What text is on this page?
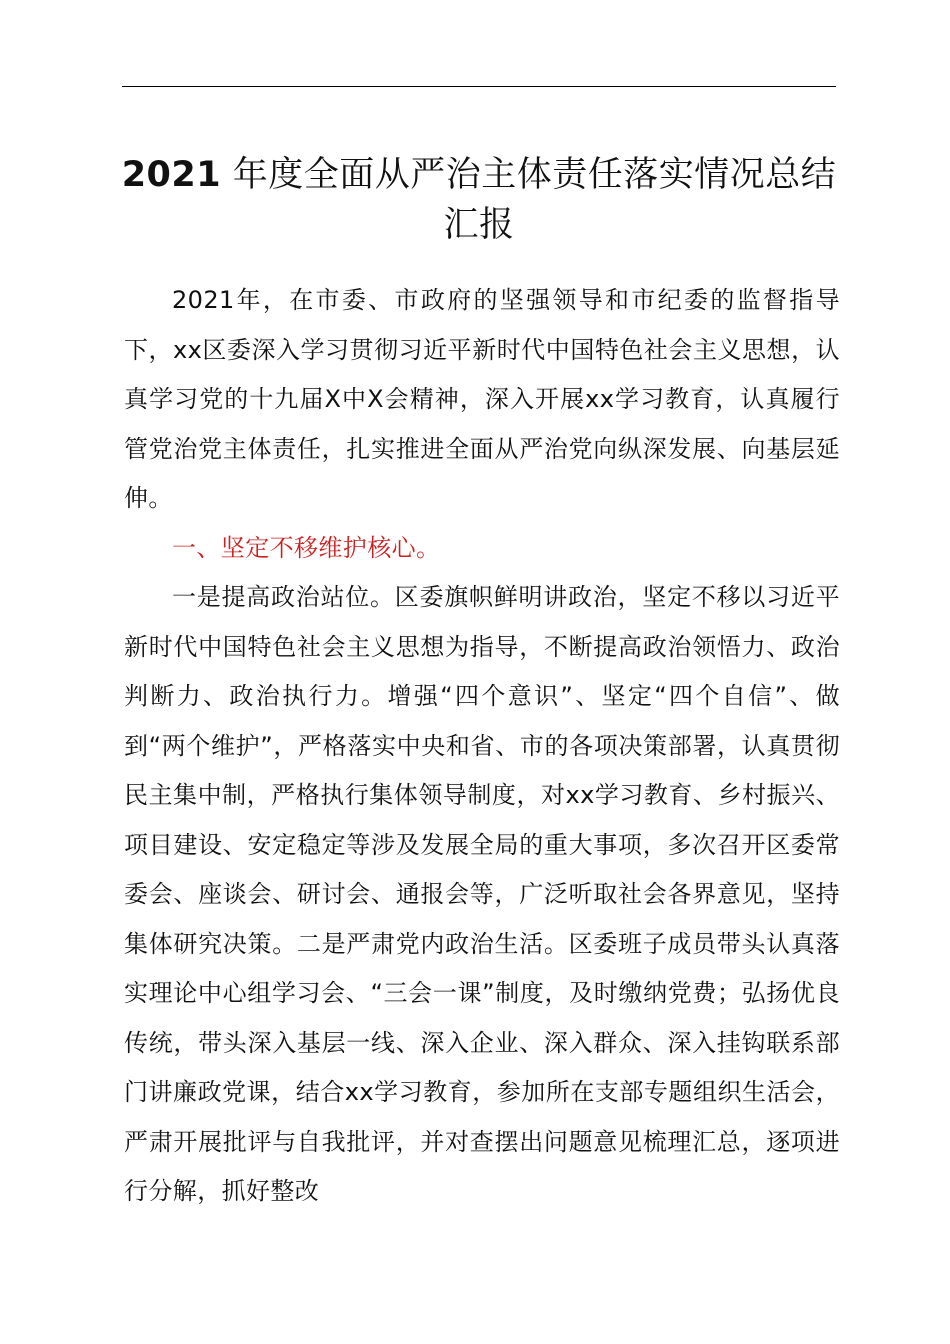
2021 年度全面从严治主体责任落实情况总结汇报

2021年，在市委、市政府的坚强领导和市纪委的监督指导下，xx区委深入学习贯彻习近平新时代中国特色社会主义思想，认真学习党的十九届X中X会精神，深入开展xx学习教育，认真履行管党治党主体责任，扎实推进全面从严治党向纵深发展、向基层延伸。

一、坚定不移维护核心。

一是提高政治站位。区委旗帜鲜明讲政治，坚定不移以习近平新时代中国特色社会主义思想为指导，不断提高政治领悟力、政治判断力、政治执行力。增强“四个意识”、坚定“四个自信”、做到“两个维护”，严格落实中央和省、市的各项决策部署，认真贯彻民主集中制，严格执行集体领导制度，对xx学习教育、乡村振兴、项目建设、安定稳定等涉及发展全局的重大事项，多次召开区委常委会、座谈会、研讨会、通报会等，广泛听取社会各界意见，坚持集体研究决策。二是严肃党内政治生活。区委班子成员带头认真落实理论中心组学习会、“三会一课”制度，及时缴纳党费；弘扬优良传统，带头深入基层一线、深入企业、深入群众、深入挂钩联系部门讲廉政党课，结合xx学习教育，参加所在支部专题组织生活会，严肃开展批评与自我批评，并对查摆出问题意见梳理汇总，逐项进行分解，抓好整改
